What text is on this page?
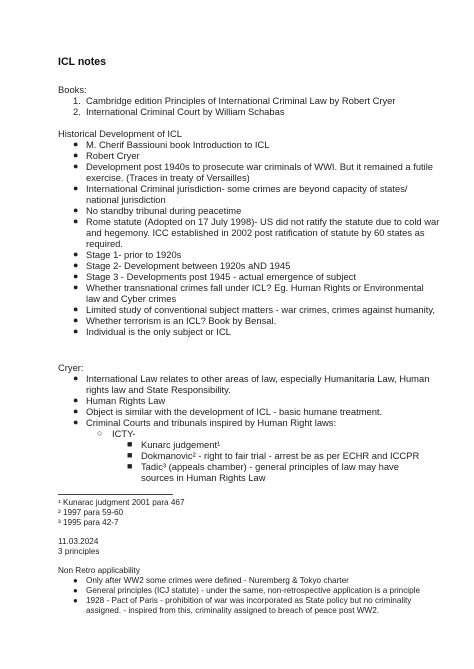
ICL notes
Books:
1. Cambridge edition Principles of International Criminal Law by Robert Cryer
2. International Criminal Court by William Schabas
Historical Development of ICL
● M. Cherif Bassiouni book Introduction to ICL
● Robert Cryer
● Development post 1940s to prosecute war criminals of WWI. But it remained a futile
exercise. (Traces in treaty of Versailles)
● International Criminal jurisdiction- some crimes are beyond capacity of states/
national jurisdiction
● No standby tribunal during peacetime
● Rome statute (Adopted on 17 July 1998)- US did not ratify the statute due to cold war
and hegemony. ICC established in 2002 post ratification of statute by 60 states as
required.
● Stage 1- prior to 1920s
● Stage 2- Development between 1920s aND 1945
● Stage 3 - Developments post 1945 - actual emergence of subject
● Whether transnational crimes fall under ICL? Eg. Human Rights or Environmental
law and Cyber crimes
● Limited study of conventional subject matters - war crimes, crimes against humanity,
● Whether terrorism is an ICL? Book by Bensal.
● Individual is the only subject or ICL
Cryer:
● International Law relates to other areas of law, especially Humanitaria Law, Human
rights law and State Responsibility.
● Human Rights Law
● Object is similar with the development of ICL - basic humane treatment.
● Criminal Courts and tribunals inspired by Human Right laws:
○ ICTY-
■ Kunarc judgement¹
■ Dokmanovic² - right to fair trial - arrest be as per ECHR and ICCPR
■ Tadic³ (appeals chamber) - general principles of law may have
sources in Human Rights Law
¹ Kunarac judgment 2001 para 467
² 1997 para 59-60
³ 1995 para 42-7
11.03.2024
3 principles
Non Retro applicability
● Only after WW2 some crimes were defined - Nuremberg & Tokyo charter
● General principles (ICJ statute) - under the same, non-retrospective application is a principle
● 1928 - Pact of Paris - prohibition of war was incorporated as State policy but no criminality
assigned. - inspired from this, criminality assigned to breach of peace post WW2.
